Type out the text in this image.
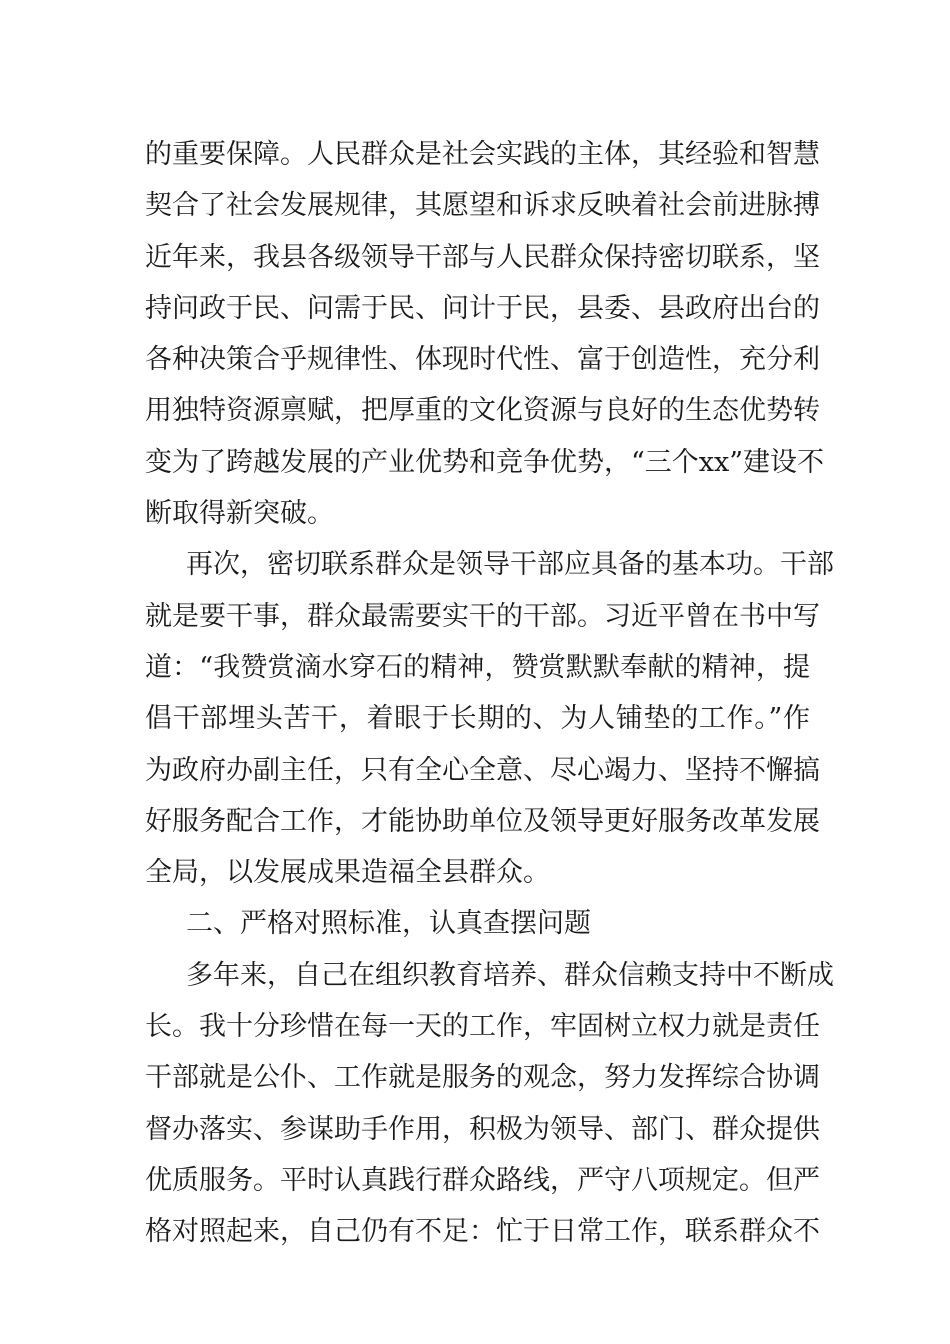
的重要保障。人民群众是社会实践的主体，其经验和智慧
契合了社会发展规律，其愿望和诉求反映着社会前进脉搏
近年来，我县各级领导干部与人民群众保持密切联系，坚
持问政于民、问需于民、问计于民，县委、县政府出台的
各种决策合乎规律性、体现时代性、富于创造性，充分利
用独特资源禀赋，把厚重的文化资源与良好的生态优势转
变为了跨越发展的产业优势和竞争优势，“三个xx”建设不
断取得新突破。
再次，密切联系群众是领导干部应具备的基本功。干部
就是要干事，群众最需要实干的干部。习近平曾在书中写
道：“我赞赏滴水穿石的精神，赞赏默默奉献的精神，提
倡干部埋头苦干，着眼于长期的、为人铺垫的工作。”作
为政府办副主任，只有全心全意、尽心竭力、坚持不懈搞
好服务配合工作，才能协助单位及领导更好服务改革发展
全局，以发展成果造福全县群众。
二、严格对照标准，认真查摆问题
多年来，自己在组织教育培养、群众信赖支持中不断成
长。我十分珍惜在每一天的工作，牢固树立权力就是责任
干部就是公仆、工作就是服务的观念，努力发挥综合协调
督办落实、参谋助手作用，积极为领导、部门、群众提供
优质服务。平时认真践行群众路线，严守八项规定。但严
格对照起来，自己仍有不足：忙于日常工作，联系群众不
